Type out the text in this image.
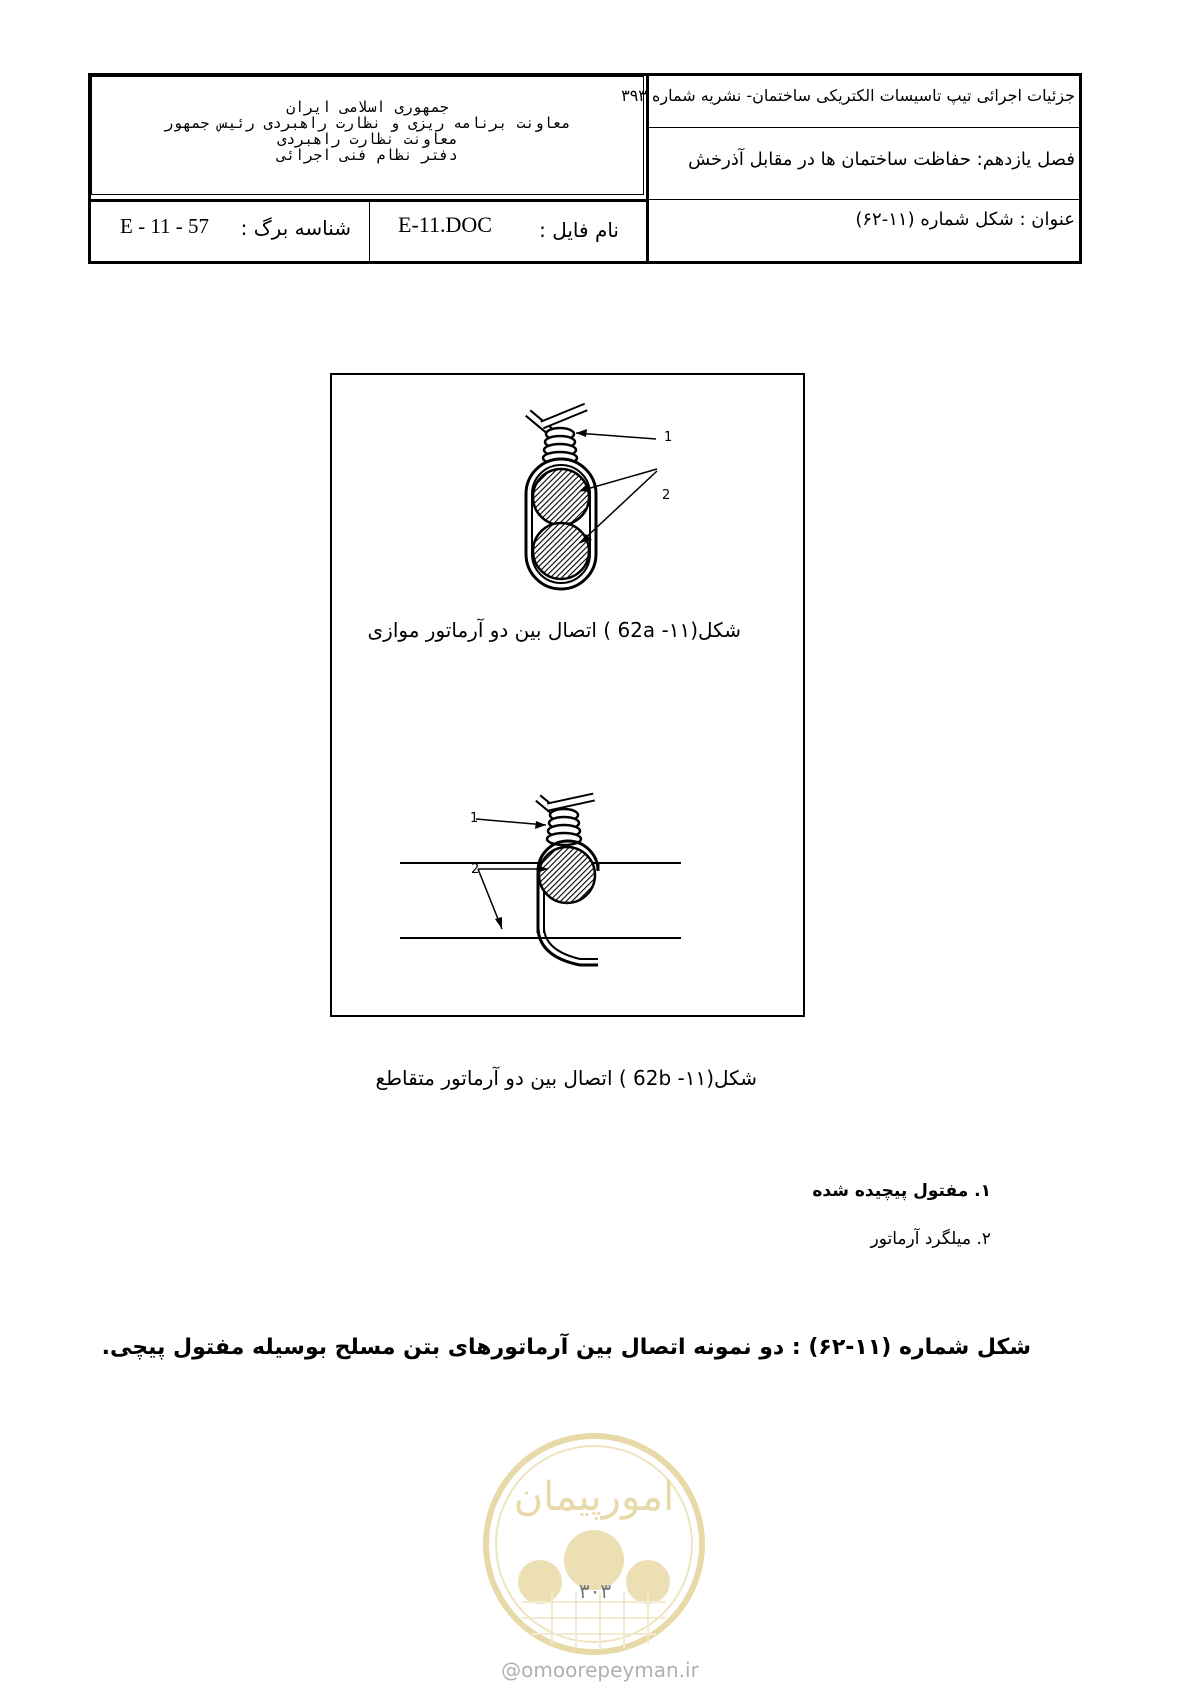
جزئیات اجرائی تیپ تاسیسات الکتریکی ساختمان- نشریه شماره ۳۹۳
فصل یازدهم: حفاظت ساختمان ها در مقابل آذرخش
عنوان : شکل شماره (۱۱-۶۲)
جمهوری اسلامی ایران
معاونت برنامه ریزی و نظارت راهبردی رئیس جمهور
معاونت نظارت راهبردی
دفتر نظام فنی اجرائی
نام فایل :
E-11.DOC
شناسه برگ :
E - 11 - 57
1
2
1
2
شکل(۱۱- 62a ) اتصال بین دو آرماتور موازی
شکل(۱۱- 62b ) اتصال بین دو آرماتور متقاطع
۱. مفتول پیچیده شده
۲. میلگرد آرماتور
شکل شماره (۱۱-۶۲) : دو نمونه اتصال بین آرماتورهای بتن مسلح بوسیله مفتول پیچی.
امورپیمان
۳۰۳
@omoorepeyman.ir
